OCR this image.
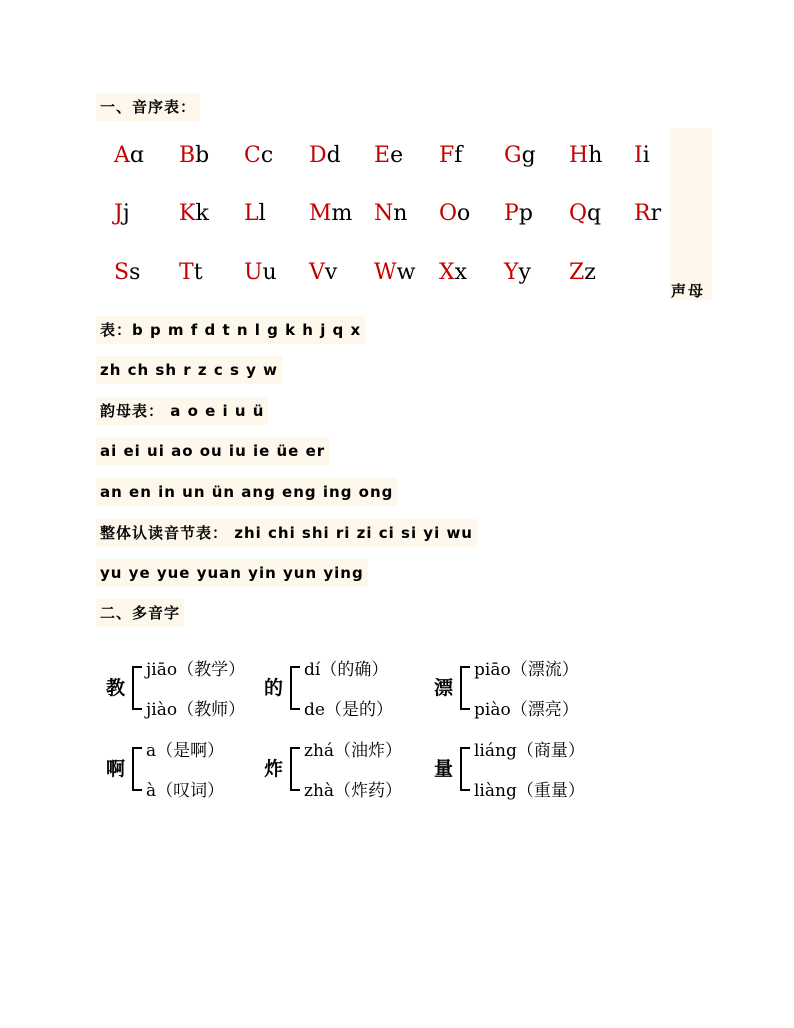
一、音序表：
Aɑ Bb Cc Dd Ee Ff Gg Hh Ii
Jj Kk Ll Mm Nn Oo Pp Qq Rr
Ss Tt Uu Vv Ww Xx Yy Zz
声母
表：b p m f d t n l g k h j q x
zh ch sh r z c s y w
韵母表： a o e i u ü
ai ei ui ao ou iu ie üe er
an en in un ün ang eng ing ong
整体认读音节表： zhi chi shi ri zi ci si yi wu
yu ye yue yuan yin yun ying
二、多音字
教
jiāo（教学）
jiào（教师）
的
dí（的确）
de（是的）
漂
piāo（漂流）
piào（漂亮）
啊
a（是啊）
à（叹词）
炸
zhá（油炸）
zhà（炸药）
量
liáng（商量）
liàng（重量）
